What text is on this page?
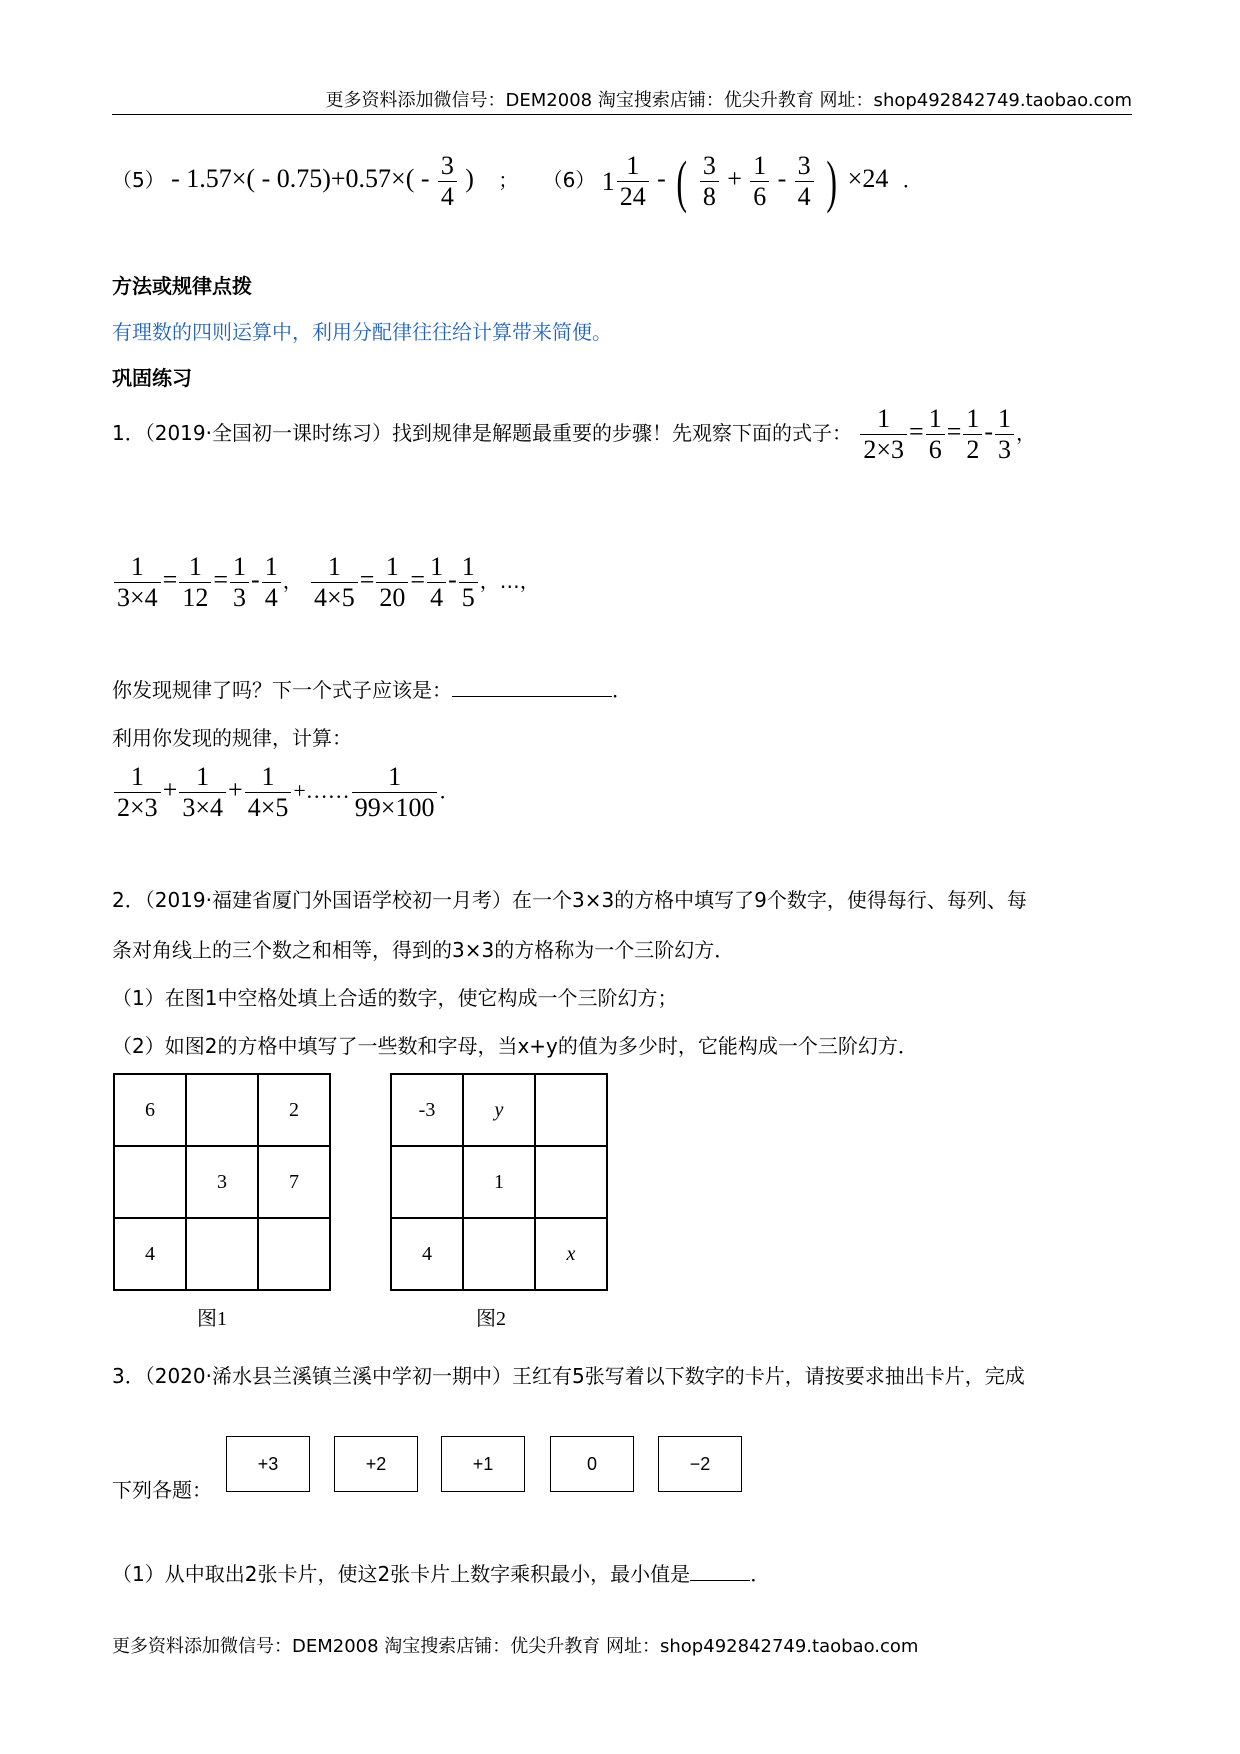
更多资料添加微信号：DEM2008 淘宝搜索店铺：优尖升教育 网址：shop492842749.taobao.com
$(5) - 1.57\times( - 0.75)+0.57\times( - \frac{3}{4}$ ) ； （6） $1 \frac{1}{24}$ - ( $\frac{3}{8} + \frac{1}{6} - \frac{3}{4}$ ) ×24 ．
方法或规律点拨
有理数的四则运算中，利用分配律往往给计算带来简便。
巩固练习
1．（2019·全国初一课时练习）找到规律是解题最重要的步骤！先观察下面的式子： $\frac{1}{2\times 3} = \frac{1}{6} = \frac{1}{2} - \frac{1}{3}$ ，
$\frac{1}{3\times 4} = \frac{1}{12} = \frac{1}{3} - \frac{1}{4}$ ， $\frac{1}{4\times 5} = \frac{1}{20} = \frac{1}{4} - \frac{1}{5}$ ，…，
你发现规律了吗？下一个式子应该是：	．
利用你发现的规律，计算：
$\frac{1}{2\times 3} + \frac{1}{3\times 4} + \frac{1}{4\times 5}$ +…… $\frac{1}{99\times 100}$ ．
2．（2019·福建省厦门外国语学校初一月考）在一个3×3的方格中填写了9个数字，使得每行、每列、每
条对角线上的三个数之和相等，得到的3×3的方格称为一个三阶幻方．
（1）在图1中空格处填上合适的数字，使它构成一个三阶幻方；
（2）如图2的方格中填写了一些数和字母，当x+y的值为多少时，它能构成一个三阶幻方．
6		2
	3	7
4		
图1
-3	y	
	1	
4		x
图2
3．（2020·浠水县兰溪镇兰溪中学初一期中）王红有5张写着以下数字的卡片，请按要求抽出卡片，完成
下列各题：
+3	+2	+1	0	−2
（1）从中取出2张卡片，使这2张卡片上数字乘积最小，最小值是	．
更多资料添加微信号：DEM2008 淘宝搜索店铺：优尖升教育 网址：shop492842749.taobao.com
